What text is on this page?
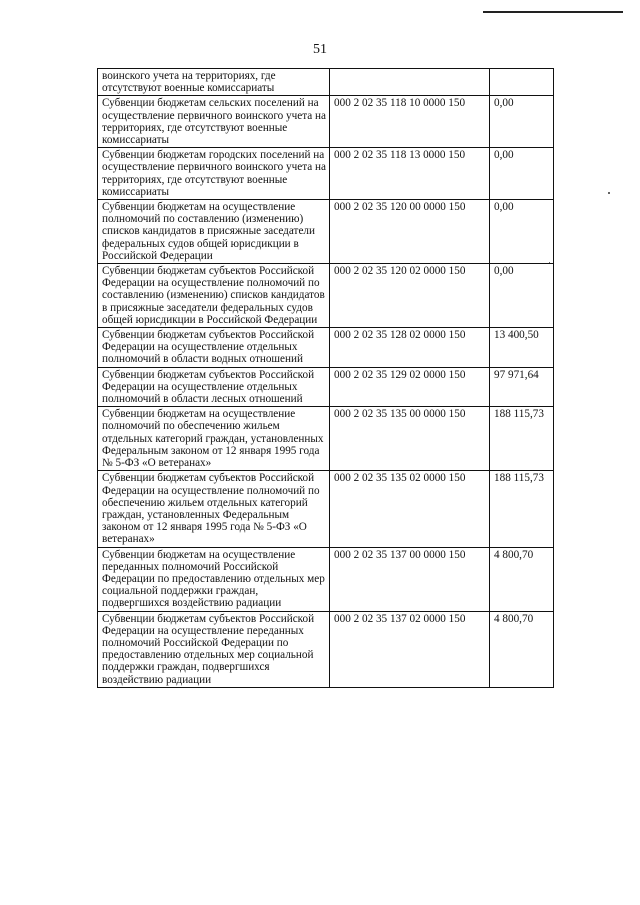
51
воинского учета на территориях, где отсутствуют военные комиссариаты		
Субвенции бюджетам сельских поселений на осуществление первичного воинского учета на территориях, где отсутствуют военные комиссариаты	000 2 02 35 118 10 0000 150	0,00
Субвенции бюджетам городских поселений на осуществление первичного воинского учета на территориях, где отсутствуют военные комиссариаты	000 2 02 35 118 13 0000 150	0,00
Субвенции бюджетам на осуществление полномочий по составлению (изменению) списков кандидатов в присяжные заседатели федеральных судов общей юрисдикции в Российской Федерации	000 2 02 35 120 00 0000 150	0,00
Субвенции бюджетам субъектов Российской Федерации на осуществление полномочий по составлению (изменению) списков кандидатов в присяжные заседатели федеральных судов общей юрисдикции в Российской Федерации	000 2 02 35 120 02 0000 150	0,00
Субвенции бюджетам субъектов Российской Федерации на осуществление отдельных полномочий в области водных отношений	000 2 02 35 128 02 0000 150	13 400,50
Субвенции бюджетам субъектов Российской Федерации на осуществление отдельных полномочий в области лесных отношений	000 2 02 35 129 02 0000 150	97 971,64
Субвенции бюджетам на осуществление полномочий по обеспечению жильем отдельных категорий граждан, установленных Федеральным законом от 12 января 1995 года № 5-ФЗ «О ветеранах»	000 2 02 35 135 00 0000 150	188 115,73
Субвенции бюджетам субъектов Российской Федерации на осуществление полномочий по обеспечению жильем отдельных категорий граждан, установленных Федеральным законом от 12 января 1995 года № 5-ФЗ «О ветеранах»	000 2 02 35 135 02 0000 150	188 115,73
Субвенции бюджетам на осуществление переданных полномочий Российской Федерации по предоставлению отдельных мер социальной поддержки граждан, подвергшихся воздействию радиации	000 2 02 35 137 00 0000 150	4 800,70
Субвенции бюджетам субъектов Российской Федерации на осуществление переданных полномочий Российской Федерации по предоставлению отдельных мер социальной поддержки граждан, подвергшихся воздействию радиации	000 2 02 35 137 02 0000 150	4 800,70
